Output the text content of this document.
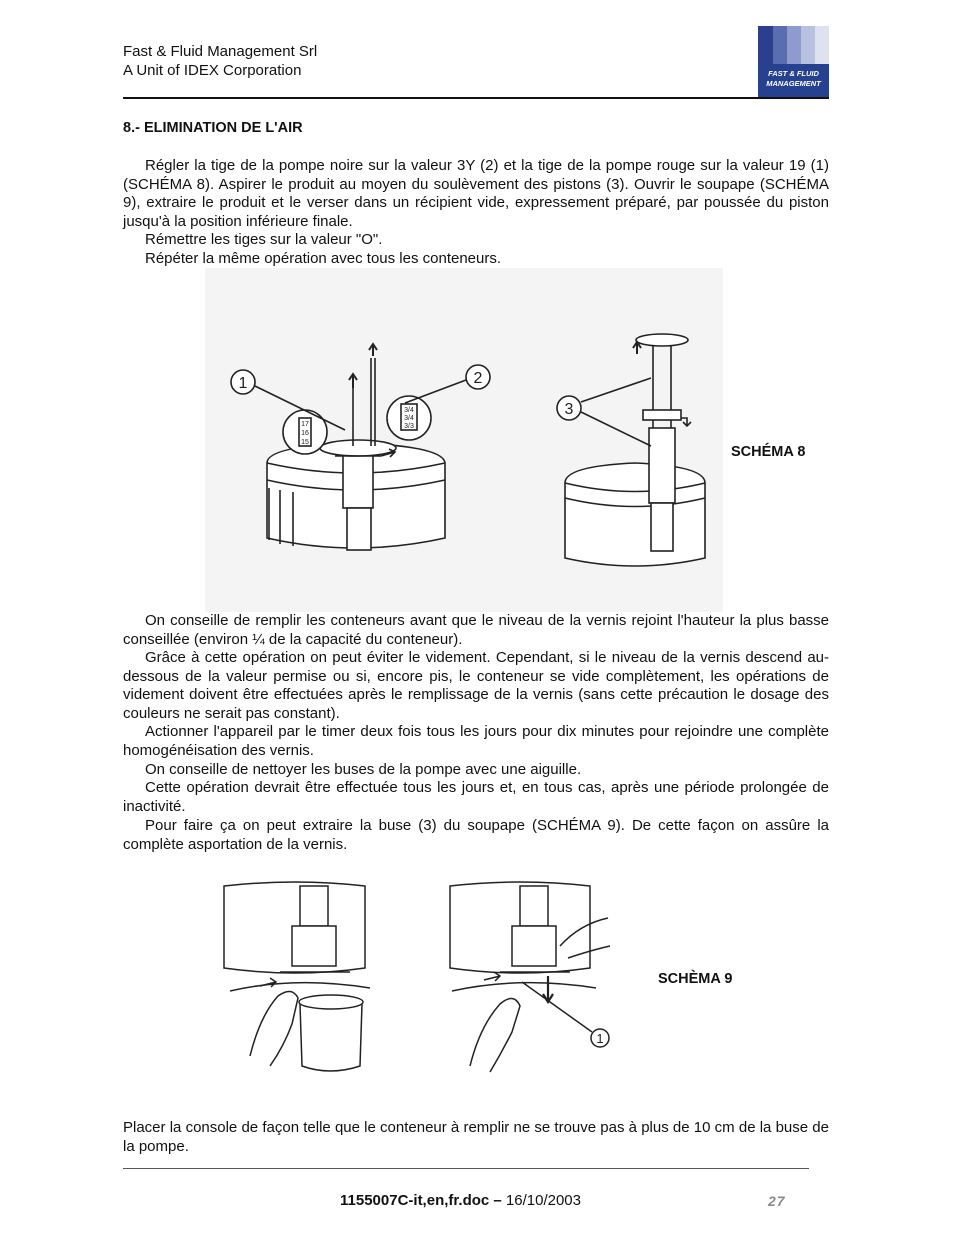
Fast & Fluid Management Srl
A Unit of IDEX Corporation	FAST & FLUID
MANAGEMENT
8.- ELIMINATION DE L'AIR

Régler la tige de la pompe noire sur la valeur 3Y (2) et la tige de la pompe rouge sur la valeur 19 (1) (SCHÉMA 8). Aspirer le produit au moyen du soulèvement des pistons (3). Ouvrir le soupape (SCHÉMA 9), extraire le produit et le verser dans un récipient vide, expressement préparé, par poussée du piston jusqu'à la position inférieure finale.

Rémettre les tiges sur la valeur "O".

Répéter la même opération avec tous les conteneurs.

1	2
3
17
16
15
3/4
3/4
3/3
SCHÉMA 8

On conseille de remplir les conteneurs avant que le niveau de la vernis rejoint l'hauteur la plus basse conseillée (environ ¼ de la capacité du conteneur).

Grâce à cette opération on peut éviter le videment. Cependant, si le niveau de la vernis descend au-dessous de la valeur permise ou si, encore pis, le conteneur se vide complètement, les opérations de videment doivent être effectuées après le remplissage de la vernis (sans cette précaution le dosage des couleurs ne serait pas constant).

Actionner l'appareil par le timer deux fois tous les jours pour dix minutes pour rejoindre une complète homogénéisation des vernis.

On conseille de nettoyer les buses de la pompe avec une aiguille.

Cette opération devrait être effectuée tous les jours et, en tous cas, après une période prolongée de inactivité.

Pour faire ça on peut extraire la buse (3) du soupape (SCHÉMA 9). De cette façon on assûre la complète asportation de la vernis.

1
SCHÈMA 9

Placer la console de façon telle que le conteneur à remplir ne se trouve pas à plus de 10 cm de la buse de la pompe.

1155007C-it,en,fr.doc – 16/10/2003	27
